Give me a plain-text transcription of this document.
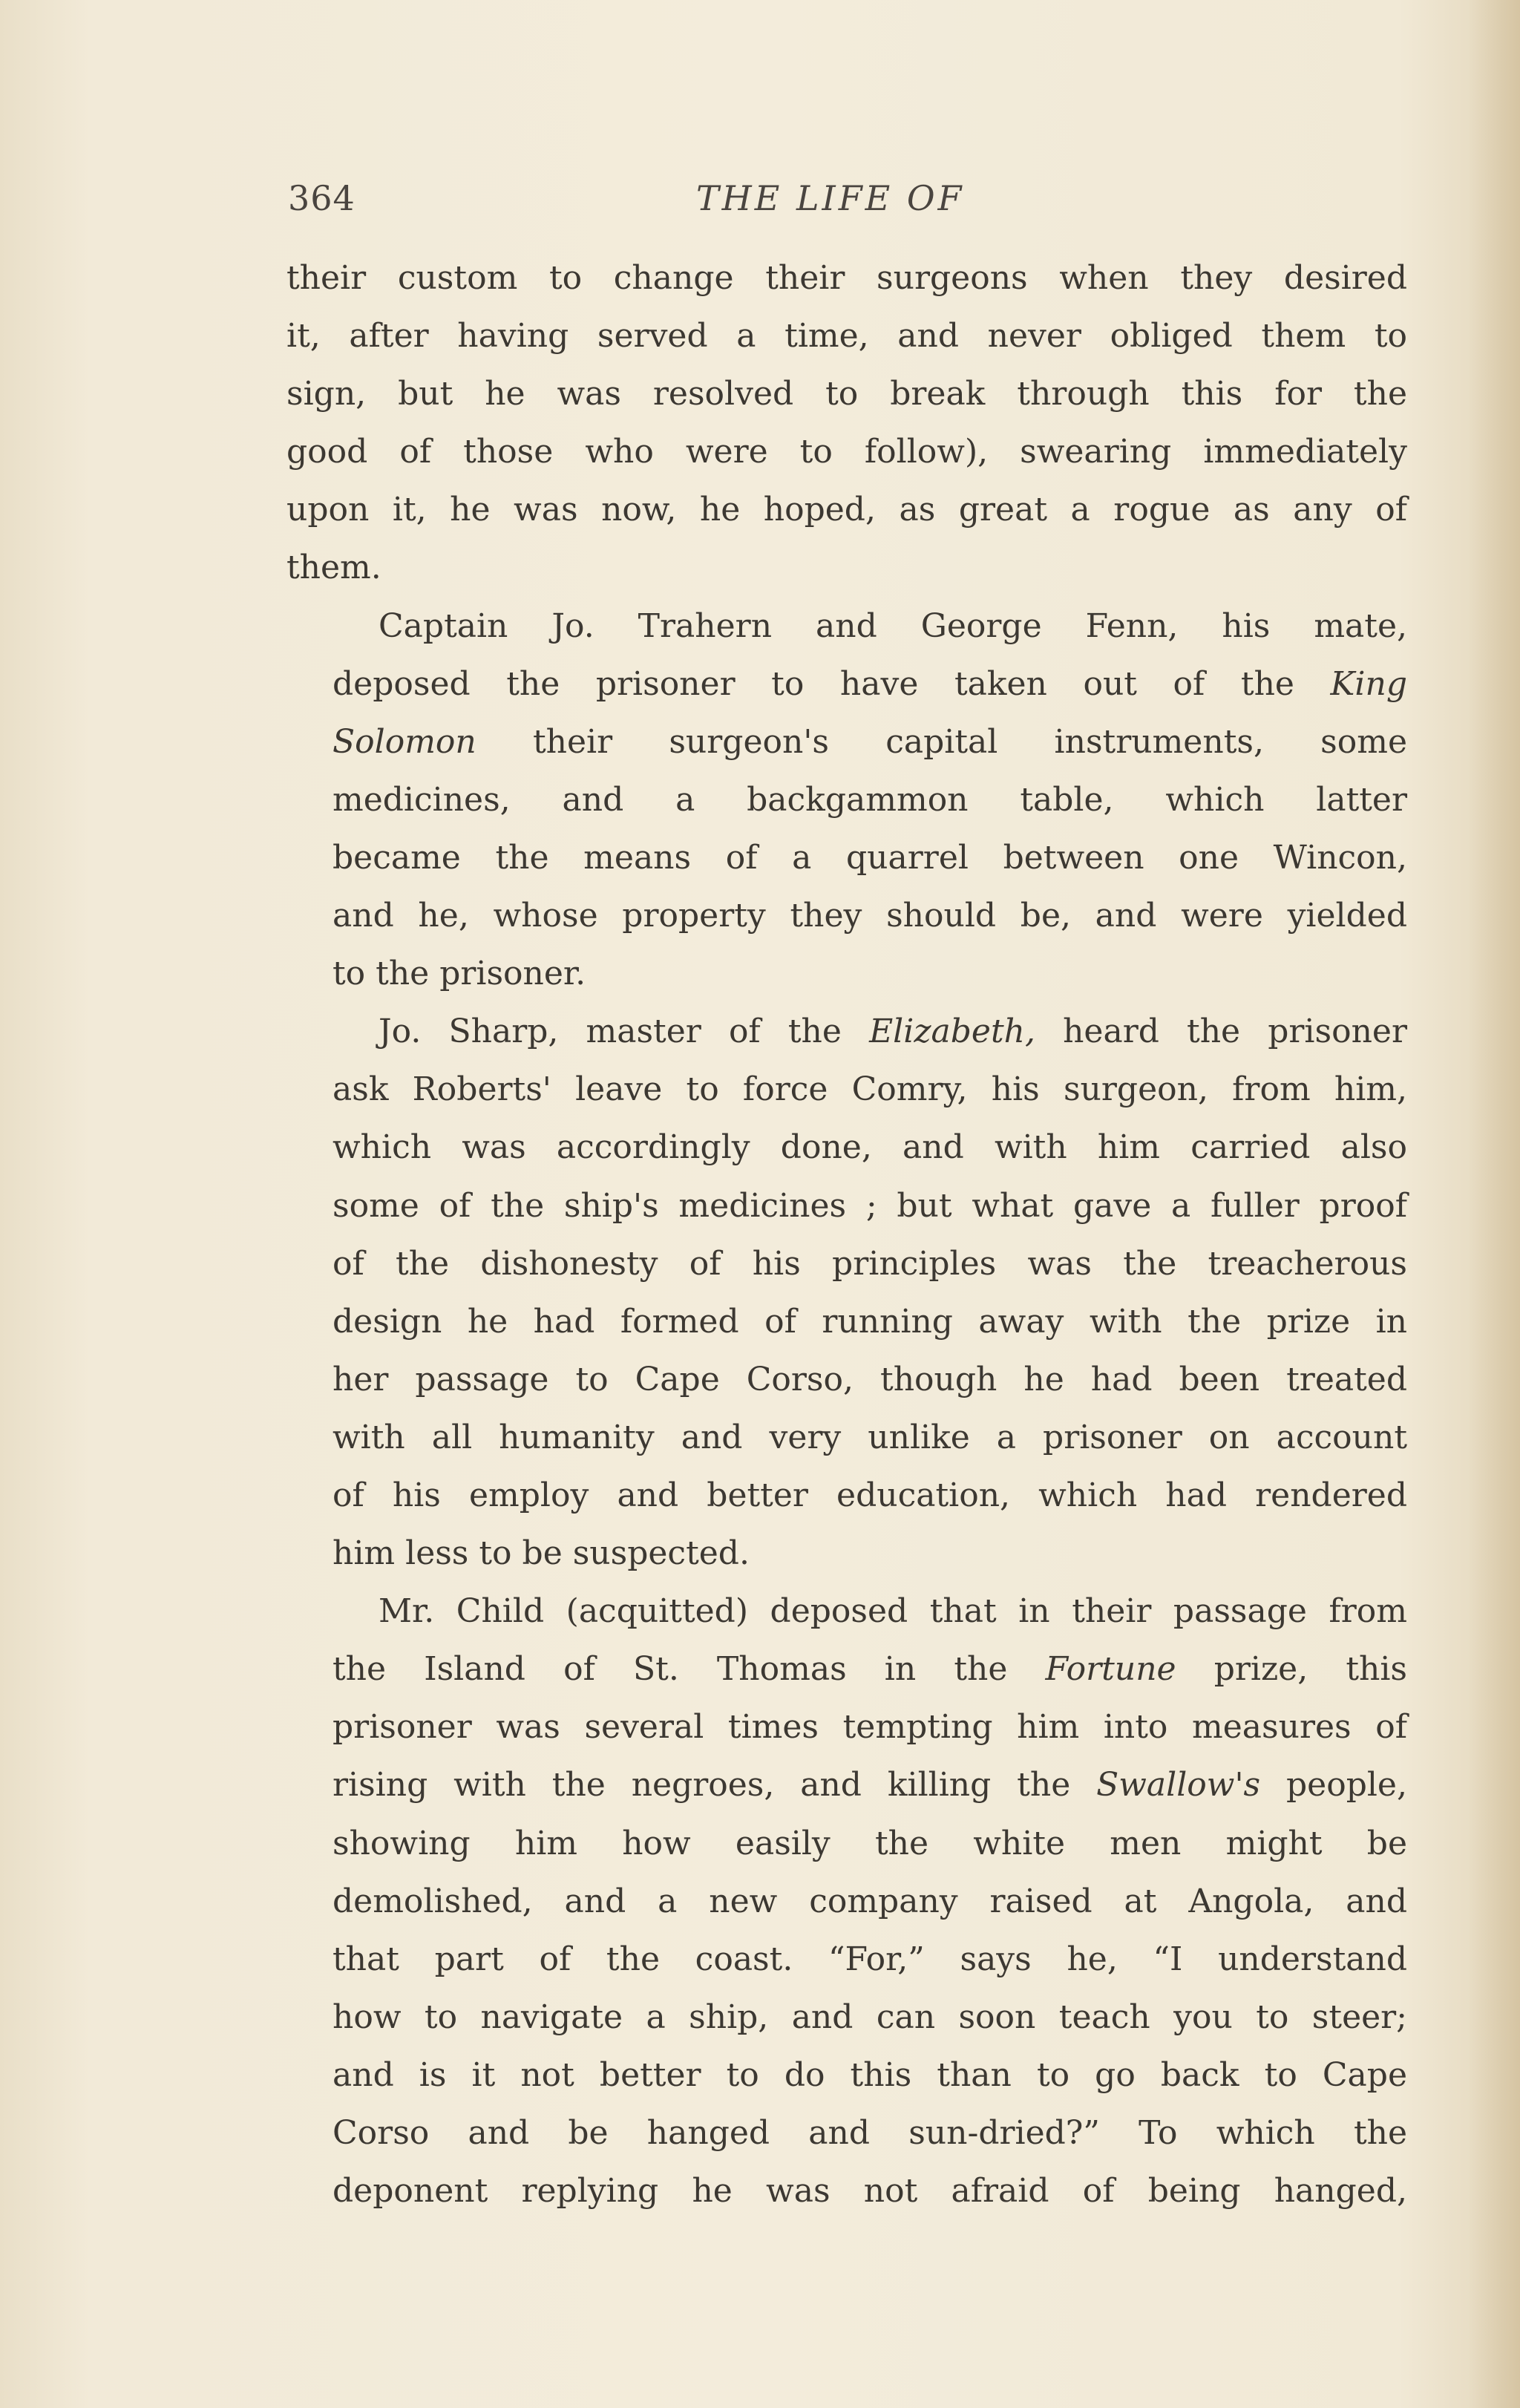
364	THE LIFE OF
their custom to change their surgeons when they desired
it, after having served a time, and never obliged them to
sign, but he was resolved to break through this for the
good of those who were to follow), swearing immediately
upon it, he was now, he hoped, as great a rogue as any of
them.
Captain Jo. Trahern and George Fenn, his mate,
deposed the prisoner to have taken out of the King
Solomon their surgeon's capital instruments, some
medicines, and a backgammon table, which latter
became the means of a quarrel between one Wincon,
and he, whose property they should be, and were yielded
to the prisoner.
Jo. Sharp, master of the Elizabeth, heard the prisoner
ask Roberts' leave to force Comry, his surgeon, from him,
which was accordingly done, and with him carried also
some of the ship's medicines ; but what gave a fuller proof
of the dishonesty of his principles was the treacherous
design he had formed of running away with the prize in
her passage to Cape Corso, though he had been treated
with all humanity and very unlike a prisoner on account
of his employ and better education, which had rendered
him less to be suspected.
Mr. Child (acquitted) deposed that in their passage from
the Island of St. Thomas in the Fortune prize, this
prisoner was several times tempting him into measures of
rising with the negroes, and killing the Swallow's people,
showing him how easily the white men might be
demolished, and a new company raised at Angola, and
that part of the coast. “For,” says he, “I understand
how to navigate a ship, and can soon teach you to steer;
and is it not better to do this than to go back to Cape
Corso and be hanged and sun-dried?” To which the
deponent replying he was not afraid of being hanged,
